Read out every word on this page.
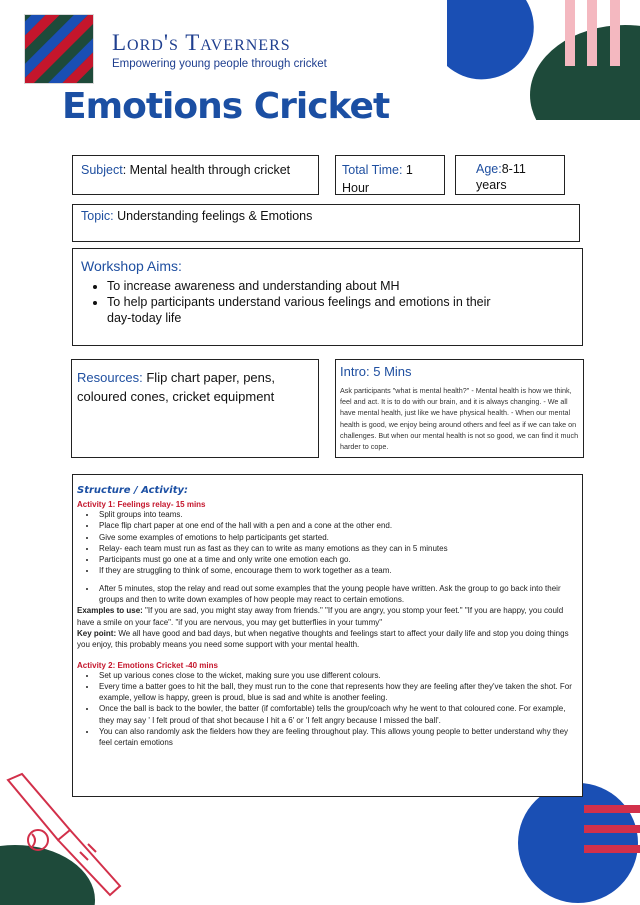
Lord's Taverners
Empowering young people through cricket
Emotions Cricket
Subject: Mental health through cricket	Total Time: 1 Hour
Age:8-11 years
Topic: Understanding feelings & Emotions
Workshop Aims:
• To increase awareness and understanding about MH
• To help participants understand various feelings and emotions in their day-today life
Resources: Flip chart paper, pens, coloured cones, cricket equipment
Intro: 5 Mins
Ask participants "what is mental health?" - Mental health is how we think, feel and act. It is to do with our brain, and it is always changing. - We all have mental health, just like we have physical health. - When our mental health is good, we enjoy being around others and feel as if we can take on challenges. But when our mental health is not so good, we can find it much harder to cope.
Structure / Activity:
Activity 1: Feelings relay- 15 mins
• Split groups into teams.
• Place flip chart paper at one end of the hall with a pen and a cone at the other end.
• Give some examples of emotions to help participants get started.
• Relay- each team must run as fast as they can to write as many emotions as they can in 5 minutes
• Participants must go one at a time and only write one emotion each go.
• If they are struggling to think of some, encourage them to work together as a team.
• After 5 minutes, stop the relay and read out some examples that the young people have written. Ask the group to go back into their groups and then to write down examples of how people may react to certain emotions.
Examples to use: "If you are sad, you might stay away from friends." "If you are angry, you stomp your feet." "If you are happy, you could have a smile on your face". "if you are nervous, you may get butterflies in your tummy"
Key point: We all have good and bad days, but when negative thoughts and feelings start to affect your daily life and stop you doing things you enjoy, this probably means you need some support with your mental health.
Activity 2: Emotions Cricket -40 mins
• Set up various cones close to the wicket, making sure you use different colours.
• Every time a batter goes to hit the ball, they must run to the cone that represents how they are feeling after they've taken the shot. For example, yellow is happy, green is proud, blue is sad and white is another feeling.
• Once the ball is back to the bowler, the batter (if comfortable) tells the group/coach why he went to that coloured cone. For example, they may say ' I felt proud of that shot because I hit a 6' or 'I felt angry because I missed the ball'.
• You can also randomly ask the fielders how they are feeling throughout play. This allows young people to better understand why they feel certain emotions
